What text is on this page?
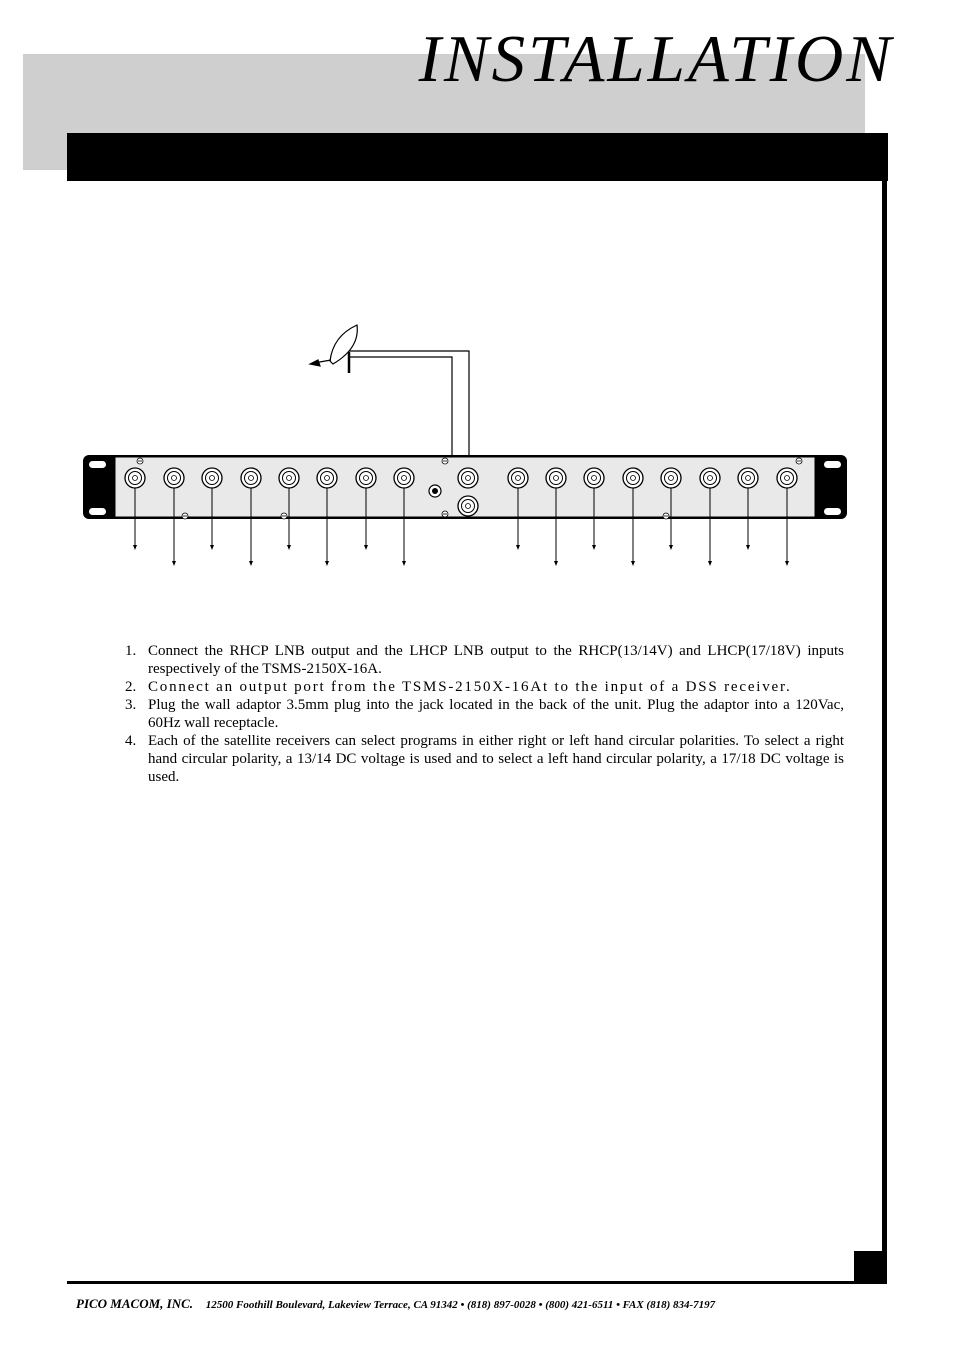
INSTALLATION
1. Connect the RHCP LNB output and the LHCP LNB output to the RHCP(13/14V) and LHCP(17/18V) inputs respectively of the TSMS-2150X-16A.
2. Connect an output port from the TSMS-2150X-16At to the input of a DSS receiver.
3. Plug the wall adaptor 3.5mm plug into the jack located in the back of the unit. Plug the adaptor into a 120Vac, 60Hz wall receptacle.
4. Each of the satellite receivers can select programs in either right or left hand circular polarities. To select a right hand circular polarity, a 13/14 DC voltage is used and to select a left hand circular polarity, a 17/18 DC voltage is used.
PICO MACOM, INC. 12500 Foothill Boulevard, Lakeview Terrace, CA 91342 • (818) 897-0028 • (800) 421-6511 • FAX (818) 834-7197
